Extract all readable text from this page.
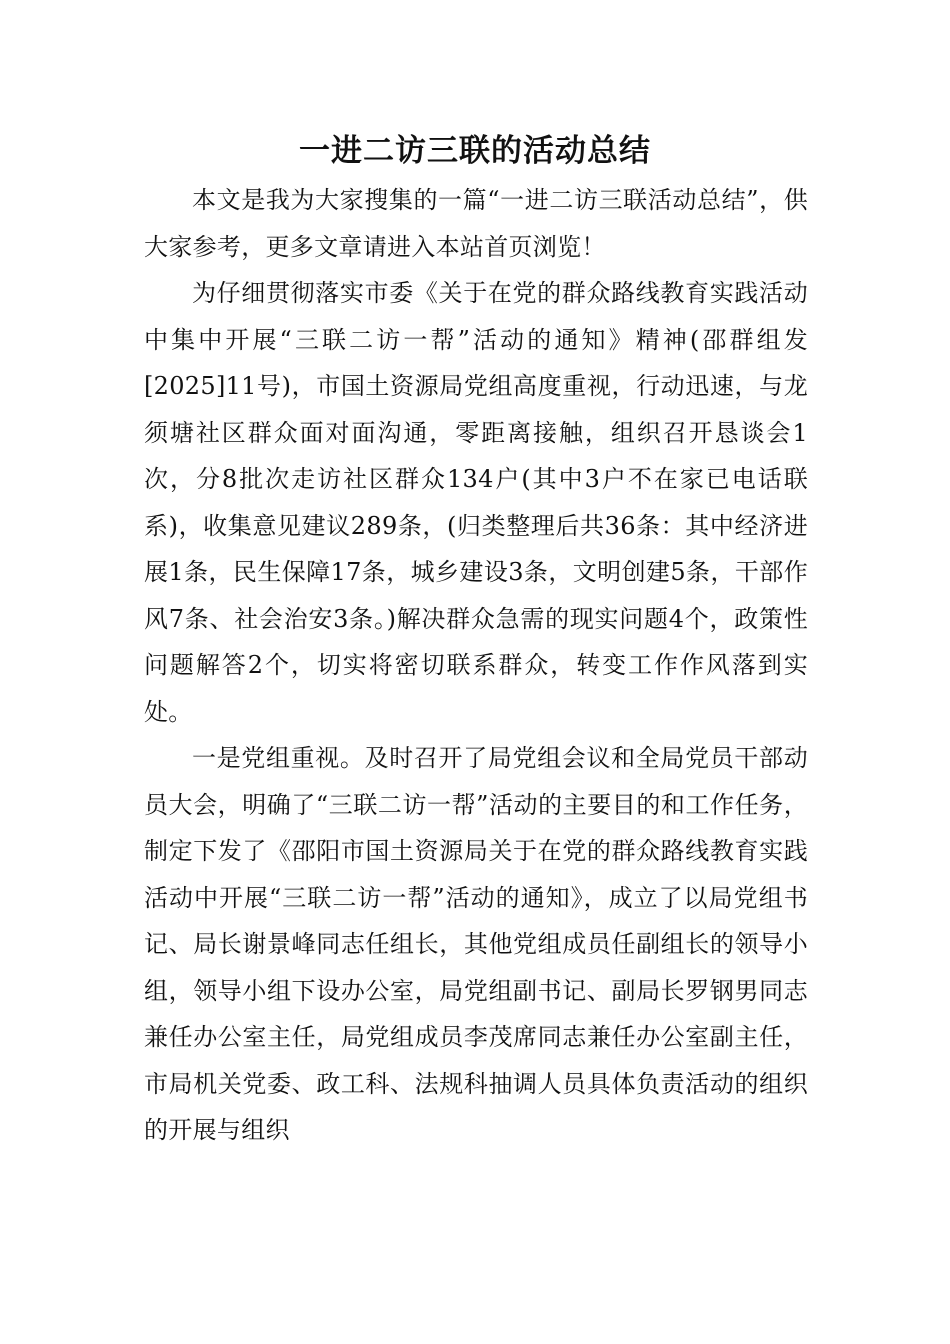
一进二访三联的活动总结

本文是我为大家搜集的一篇“一进二访三联活动总结”，供大家参考，更多文章请进入本站首页浏览！

为仔细贯彻落实市委《关于在党的群众路线教育实践活动中集中开展“三联二访一帮”活动的通知》精神(邵群组发[2025]11号)，市国土资源局党组高度重视，行动迅速，与龙须塘社区群众面对面沟通，零距离接触，组织召开恳谈会1次，分8批次走访社区群众134户(其中3户不在家已电话联系)，收集意见建议289条，(归类整理后共36条：其中经济进展1条，民生保障17条，城乡建设3条，文明创建5条，干部作风7条、社会治安3条。)解决群众急需的现实问题4个，政策性问题解答2个，切实将密切联系群众，转变工作作风落到实处。

一是党组重视。及时召开了局党组会议和全局党员干部动员大会，明确了“三联二访一帮”活动的主要目的和工作任务，制定下发了《邵阳市国土资源局关于在党的群众路线教育实践活动中开展“三联二访一帮”活动的通知》，成立了以局党组书记、局长谢景峰同志任组长，其他党组成员任副组长的领导小组，领导小组下设办公室，局党组副书记、副局长罗钢男同志兼任办公室主任，局党组成员李茂席同志兼任办公室副主任，市局机关党委、政工科、法规科抽调人员具体负责活动的组织的开展与组织
